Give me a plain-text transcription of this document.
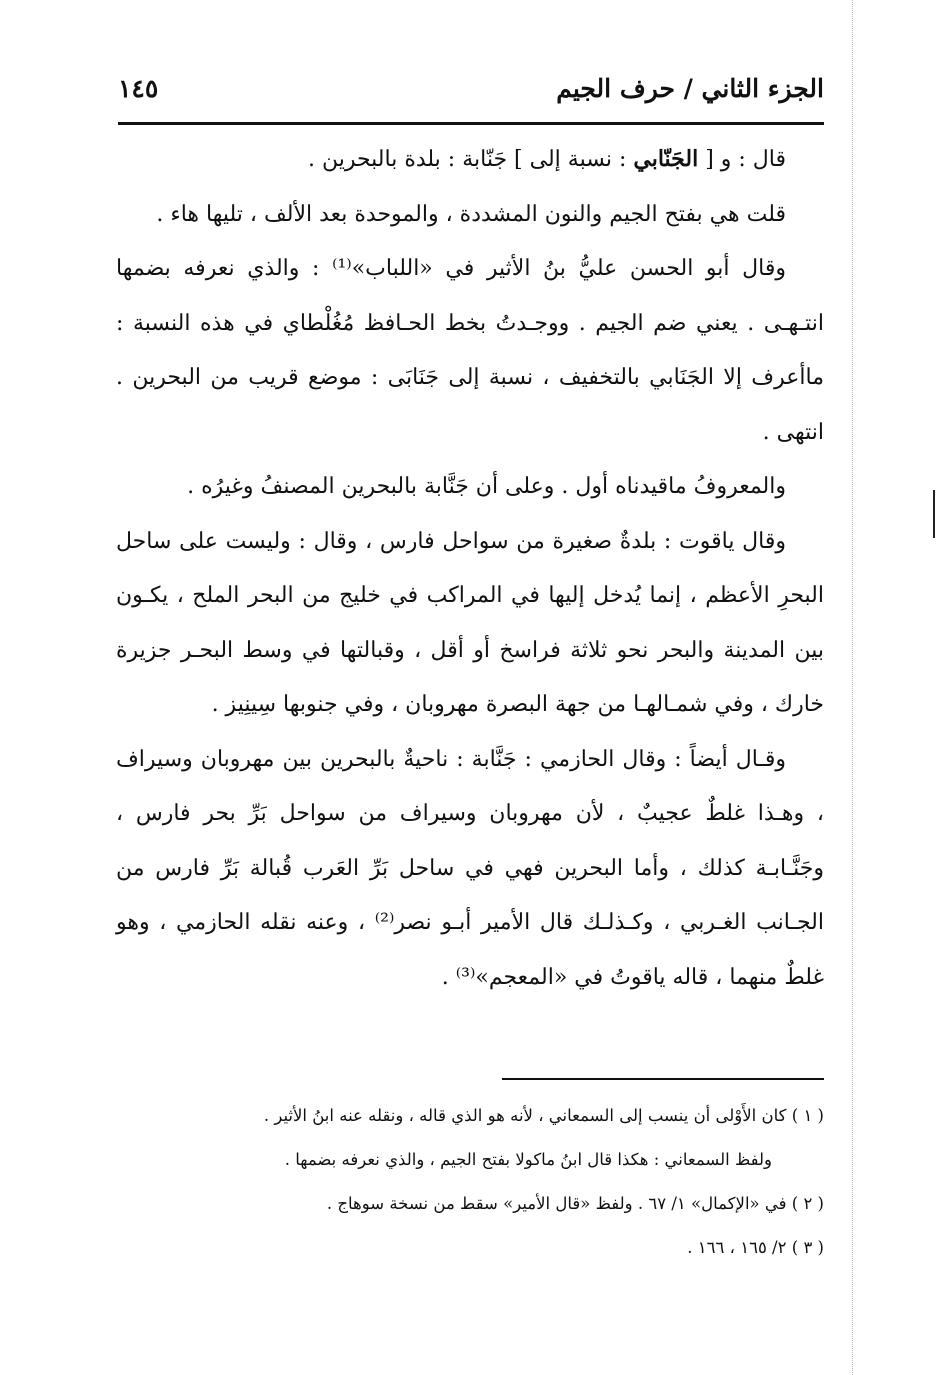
الجزء الثاني / حرف الجيم
١٤٥

قال : و [ الجَنّابي : نسبة إلى ] جَنّابة : بلدة بالبحرين .

قلت هي بفتح الجيم والنون المشددة ، والموحدة بعد الألف ، تليها هاء .

وقال أبو الحسن عليُّ بنُ الأثير في «اللباب»⁽¹⁾ : والذي نعرفه بضمها انتـهـى . يعني ضم الجيم . ووجـدتُ بخط الحـافظ مُغُلْطاي في هذه النسبة : ماأعرف إلا الجَنَابي بالتخفيف ، نسبة إلى جَنَابَى : موضع قريب من البحرين . انتهى .

والمعروفُ ماقيدناه أول . وعلى أن جَنَّابة بالبحرين المصنفُ وغيرُه .

وقال ياقوت : بلدةٌ صغيرة من سواحل فارس ، وقال : وليست على ساحل البحرِ الأعظم ، إنما يُدخل إليها في المراكب في خليج من البحر الملح ، يكـون بين المدينة والبحر نحو ثلاثة فراسخ أو أقل ، وقبالتها في وسط البحـر جزيرة خارك ، وفي شمـالهـا من جهة البصرة مهروبان ، وفي جنوبها سِينِيز .

وقـال أيضاً : وقال الحازمي : جَنَّابة : ناحيةٌ بالبحرين بين مهروبان وسيراف ، وهـذا غلطٌ عجيبٌ ، لأن مهروبان وسيراف من سواحل بَرِّ بحر فارس ، وجَنَّـابـة كذلك ، وأما البحرين فهي في ساحل بَرِّ العَرب قُبالة بَرِّ فارس من الجـانب الغـربي ، وكـذلـك قال الأمير أبـو نصر⁽²⁾ ، وعنه نقله الحازمي ، وهو غلطٌ منهما ، قاله ياقوتُ في «المعجم»⁽³⁾ .

( ١ ) كان الأَوْلى أن ينسب إلى السمعاني ، لأنه هو الذي قاله ، ونقله عنه ابنُ الأثير .

ولفظ السمعاني : هكذا قال ابنُ ماكولا بفتح الجيم ، والذي نعرفه بضمها .

( ٢ ) في «الإكمال» ١/ ٦٧ . ولفظ «قال الأمير» سقط من نسخة سوهاج .

( ٣ ) ٢/ ١٦٥ ، ١٦٦ .
